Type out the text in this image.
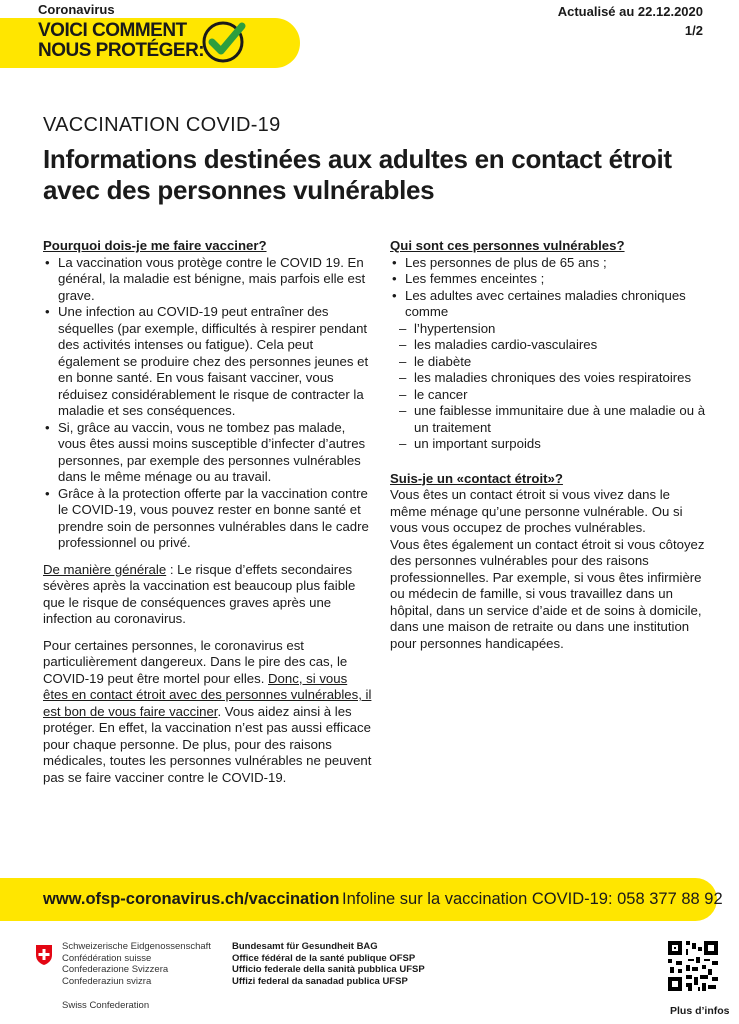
Coronavirus
VOICI COMMENT
NOUS PROTÉGER:
Actualisé au 22.12.2020
1/2
VACCINATION COVID-19
Informations destinées aux adultes en contact étroit avec des personnes vulnérables

Pourquoi dois-je me faire vacciner?

• La vaccination vous protège contre le COVID 19. En général, la maladie est bénigne, mais parfois elle est grave.
• Une infection au COVID-19 peut entraîner des séquelles (par exemple, difficultés à respirer pendant des activités intenses ou fatigue). Cela peut également se produire chez des personnes jeunes et en bonne santé. En vous faisant vacciner, vous réduisez considérablement le risque de contracter la maladie et ses conséquences.
• Si, grâce au vaccin, vous ne tombez pas malade, vous êtes aussi moins susceptible d’infecter d’autres personnes, par exemple des personnes vulnérables dans le même ménage ou au travail.
• Grâce à la protection offerte par la vaccination contre le COVID-19, vous pouvez rester en bonne santé et prendre soin de personnes vulnérables dans le cadre professionnel ou privé.

De manière générale : Le risque d’effets secondaires sévères après la vaccination est beaucoup plus faible que le risque de conséquences graves après une infection au coronavirus.

Pour certaines personnes, le coronavirus est particulièrement dangereux. Dans le pire des cas, le COVID-19 peut être mortel pour elles. Donc, si vous êtes en contact étroit avec des personnes vulnérables, il est bon de vous faire vacciner. Vous aidez ainsi à les protéger. En effet, la vaccination n’est pas aussi efficace pour chaque personne. De plus, pour des raisons médicales, toutes les personnes vulnérables ne peuvent pas se faire vacciner contre le COVID-19.

Qui sont ces personnes vulnérables?

• Les personnes de plus de 65 ans ;
• Les femmes enceintes ;
• Les adultes avec certaines maladies chroniques comme
– l’hypertension
– les maladies cardio-vasculaires
– le diabète
– les maladies chroniques des voies respiratoires
– le cancer
– une faiblesse immunitaire due à une maladie ou à un traitement
– un important surpoids

Suis-je un «contact étroit»?

Vous êtes un contact étroit si vous vivez dans le même ménage qu’une personne vulnérable. Ou si vous vous occupez de proches vulnérables.

Vous êtes également un contact étroit si vous côtoyez des personnes vulnérables pour des raisons professionnelles. Par exemple, si vous êtes infirmière ou médecin de famille, si vous travaillez dans un hôpital, dans un service d’aide et de soins à domicile, dans une maison de retraite ou dans une institution pour personnes handicapées.

www.ofsp-coronavirus.ch/vaccination Infoline sur la vaccination COVID-19: 058 377 88 92
Schweizerische Eidgenossenschaft
Confédération suisse
Confederazione Svizzera
Confederaziun svizra
Swiss Confederation
Bundesamt für Gesundheit BAG
Office fédéral de la santé publique OFSP
Ufficio federale della sanità pubblica UFSP
Uffizi federal da sanadad publica UFSP
Plus d’infos
